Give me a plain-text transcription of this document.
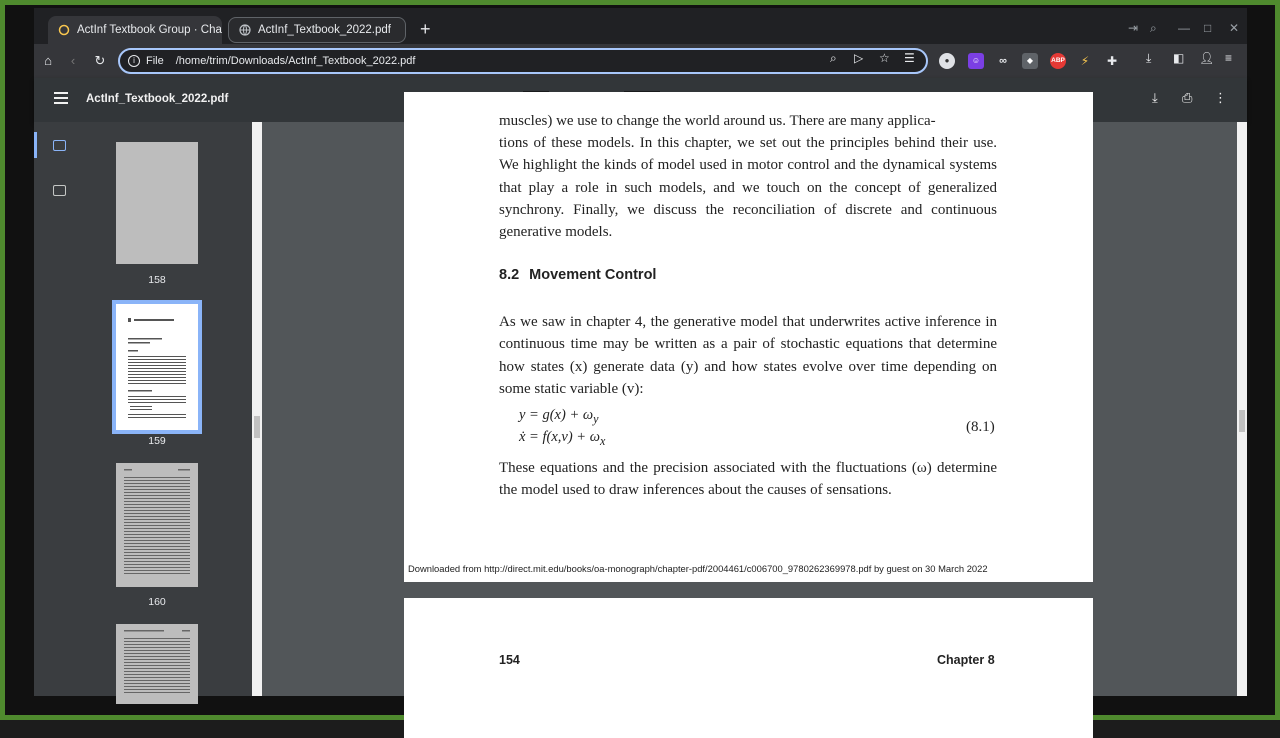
ActInf Textbook Group · Cha	ActInf_Textbook_2022.pdf +	⇥ ⌕ — □ ✕
⌂	‹	↻	i	File /home/trim/Downloads/ActInf_Textbook_2022.pdf	⌕ ▷ ☆ ☰	●	☺	∞	◆	ABP	⚡	✚ ⤓ ◧ 👤︎ ≡
ActInf_Textbook_2022.pdf	⤓ ⎙ ⋮
158
159
160
muscles) we use to change the world around us. There are many applica-
tions of these models. In this chapter, we set out the principles behind their use. We highlight the kinds of model used in motor control and the dynamical systems that play a role in such models, and we touch on the concept of generalized synchrony. Finally, we discuss the reconciliation of discrete and continuous generative models.
8.2 Movement Control
As we saw in chapter 4, the generative model that underwrites active inference in continuous time may be written as a pair of stochastic equations that determine how states (x) generate data (y) and how states evolve over time depending on some static variable (v):
$y = g(x) + \omega_y$
ẋ = $f(x,v) + \omega_x$
(8.1)
These equations and the precision associated with the fluctuations (ω) determine the model used to draw inferences about the causes of sensations.
Downloaded from http://direct.mit.edu/books/oa-monograph/chapter-pdf/2004461/c006700_9780262369978.pdf by guest on 30 March 2022
154	Chapter 8
